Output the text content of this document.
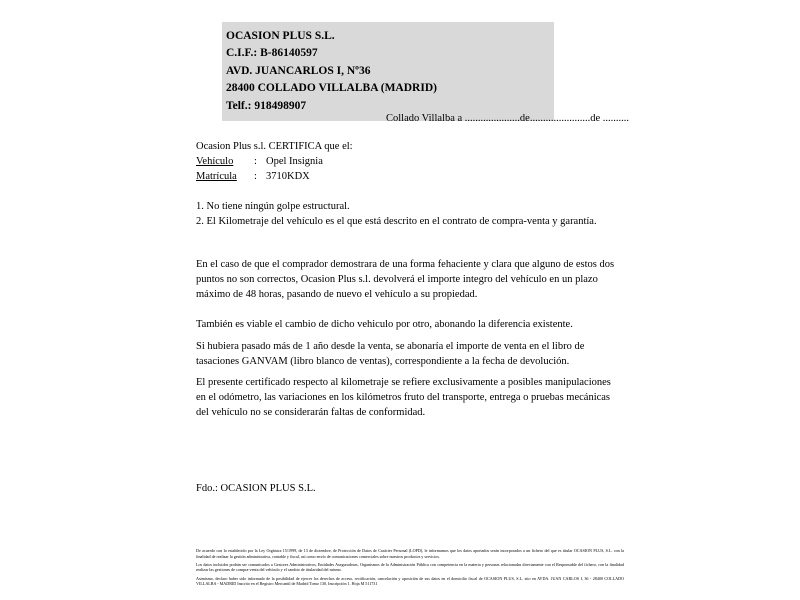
OCASION PLUS S.L.
C.I.F.: B-86140597
AVD. JUANCARLOS I, Nº36
28400 COLLADO VILLALBA (MADRID)
Telf.: 918498907
Collado Villalba a .....................de.......................de ..........
Ocasion Plus s.l. CERTIFICA que el:
Vehículo	: Opel Insignia
Matrícula	: 3710KDX
1. No tiene ningún golpe estructural.
2. El Kilometraje del vehículo es el que está descrito en el contrato de compra-venta y garantía.
En el caso de que el comprador demostrara de una forma fehaciente y clara que alguno de estos dos puntos no son correctos, Ocasion Plus s.l. devolverá el importe integro del vehículo en un plazo máximo de 48 horas, pasando de nuevo el vehículo a su propiedad.
También es viable el cambio de dicho vehiculo por otro, abonando la diferencia existente.
Si hubiera pasado más de 1 año desde la venta, se abonaría el importe de venta en el libro de tasaciones GANVAM (libro blanco de ventas), correspondiente a la fecha de devolución.
El presente certificado respecto al kilometraje se refiere exclusivamente a posibles manipulaciones en el odómetro, las variaciones en los kilómetros fruto del transporte, entrega o pruebas mecánicas del vehículo no se considerarán faltas de conformidad.
Fdo.: OCASION PLUS S.L.

De acuerdo con lo establecido por la Ley Orgánica 15/1999, de 13 de diciembre, de Protección de Datos de Carácter Personal (LOPD), le informamos que los datos aportados serán incorporados a un fichero del que es titular OCASION PLUS, S.L. con la finalidad de realizar la gestión administrativa, contable y fiscal, así como envío de comunicaciones comerciales sobre nuestros productos y servicios.

Los datos incluidos podrán ser comunicados a Gestores Administrativos, Entidades Aseguradoras, Organismos de la Administración Pública con competencia en la materia y personas relacionadas directamente con el Responsable del fichero, con la finalidad realizar las gestiones de compra-venta del vehículo y el cambio de titularidad del mismo.

Asimismo, declaro haber sido informado de la posibilidad de ejercer los derechos de acceso, rectificación, cancelación y oposición de sus datos en el domicilio fiscal de OCASION PLUS, S.L. sito en AVDA. JUAN CARLOS I, 36 - 28400 COLLADO VILLALBA - MADRID Inscrito en el Registro Mercantil de Madrid Tomo 130, Inscripción 1. Hoja M 511731
